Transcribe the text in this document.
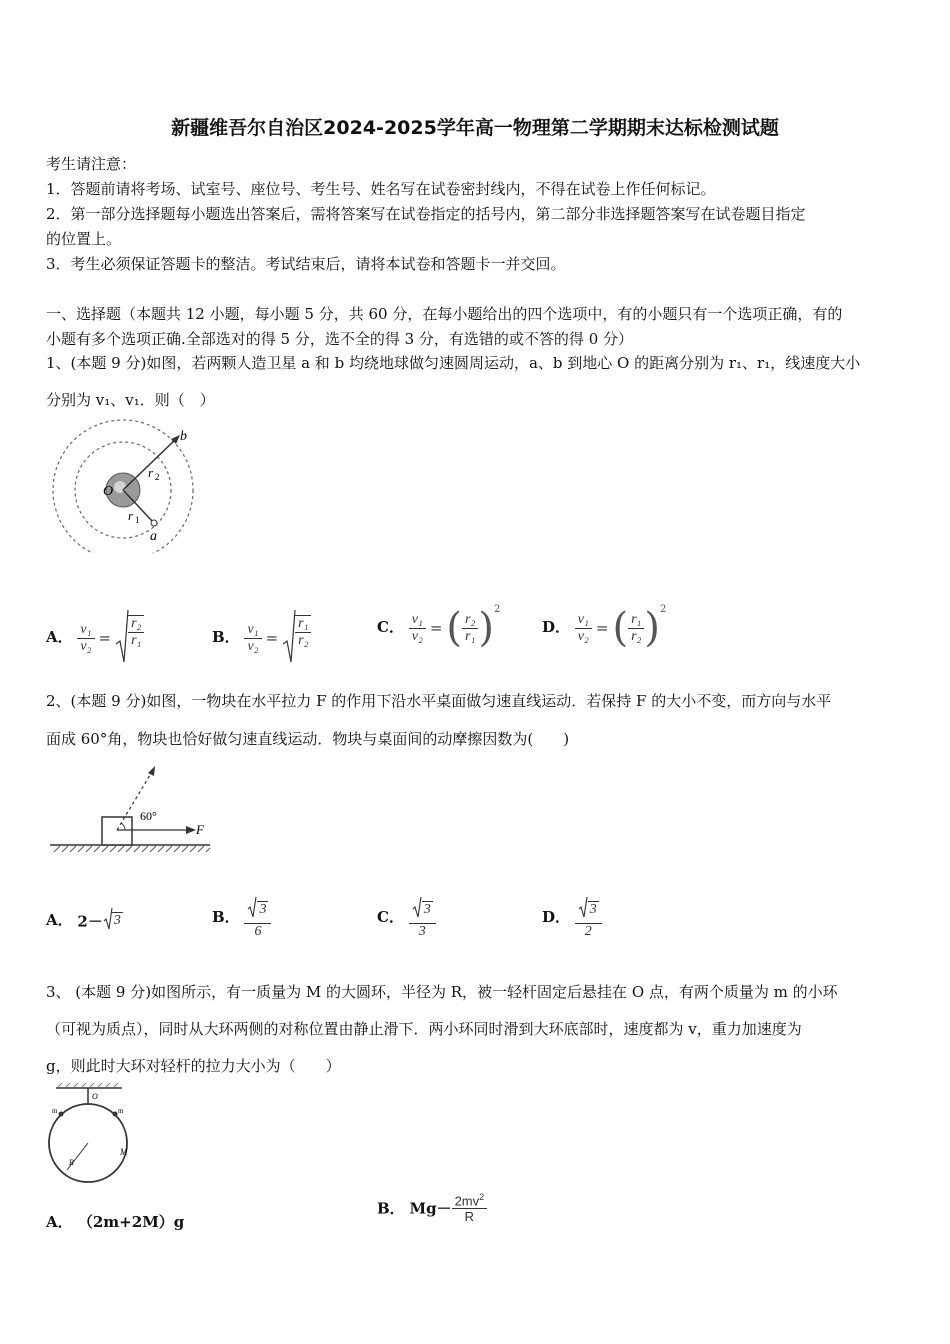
新疆维吾尔自治区2024-2025学年高一物理第二学期期末达标检测试题
考生请注意：
1．答题前请将考场、试室号、座位号、考生号、姓名写在试卷密封线内，不得在试卷上作任何标记。
2．第一部分选择题每小题选出答案后，需将答案写在试卷指定的括号内，第二部分非选择题答案写在试卷题目指定
的位置上。
3．考生必须保证答题卡的整洁。考试结束后，请将本试卷和答题卡一并交回。
一、选择题（本题共 12 小题，每小题 5 分，共 60 分，在每小题给出的四个选项中，有的小题只有一个选项正确，有的
小题有多个选项正确.全部选对的得 5 分，选不全的得 3 分，有选错的或不答的得 0 分）
1、(本题 9 分)如图，若两颗人造卫星 a 和 b 均绕地球做匀速圆周运动，a、b 到地心 O 的距离分别为 r₁、r₁，线速度大小
分别为 v₁、v₁．则（　）
b
a
O
r 2
r 1
A． $\frac{\text{v₁}}{\text{v₂}} = \frac{\text{r₂}}{\text{r₁}}$	B． $\frac{\text{v₁}}{\text{v₂}} = \frac{\text{r₁}}{\text{r₂}}$	C． $\frac{\text{v₁}}{\text{v₂}}$ = ( $\frac{\text{r₂}}{\text{r₁}} )2$
D． $\frac{\text{v₁}}{\text{v₂}}$ = ( $\frac{\text{r₁}}{\text{r₂}} )2$
2、(本题 9 分)如图，一物块在水平拉力 F 的作用下沿水平桌面做匀速直线运动．若保持 F 的大小不变，而方向与水平
面成 60°角，物块也恰好做匀速直线运动．物块与桌面间的动摩擦因数为(　　)
60°
F
A． 2－ 3	B． $\frac{3}{6}$	C． $\frac{3}{3}$	D． $\frac{3}{2}$
3、 (本题 9 分)如图所示，有一质量为 M 的大圆环，半径为 R，被一轻杆固定后悬挂在 O 点，有两个质量为 m 的小环
（可视为质点），同时从大环两侧的对称位置由静止滑下．两小环同时滑到大环底部时，速度都为 v，重力加速度为
g，则此时大环对轻杆的拉力大小为（　　）
O
m	m
M
R
A． （2m+2M）g
B． $Mg- \frac{2mv^2}{R}$
